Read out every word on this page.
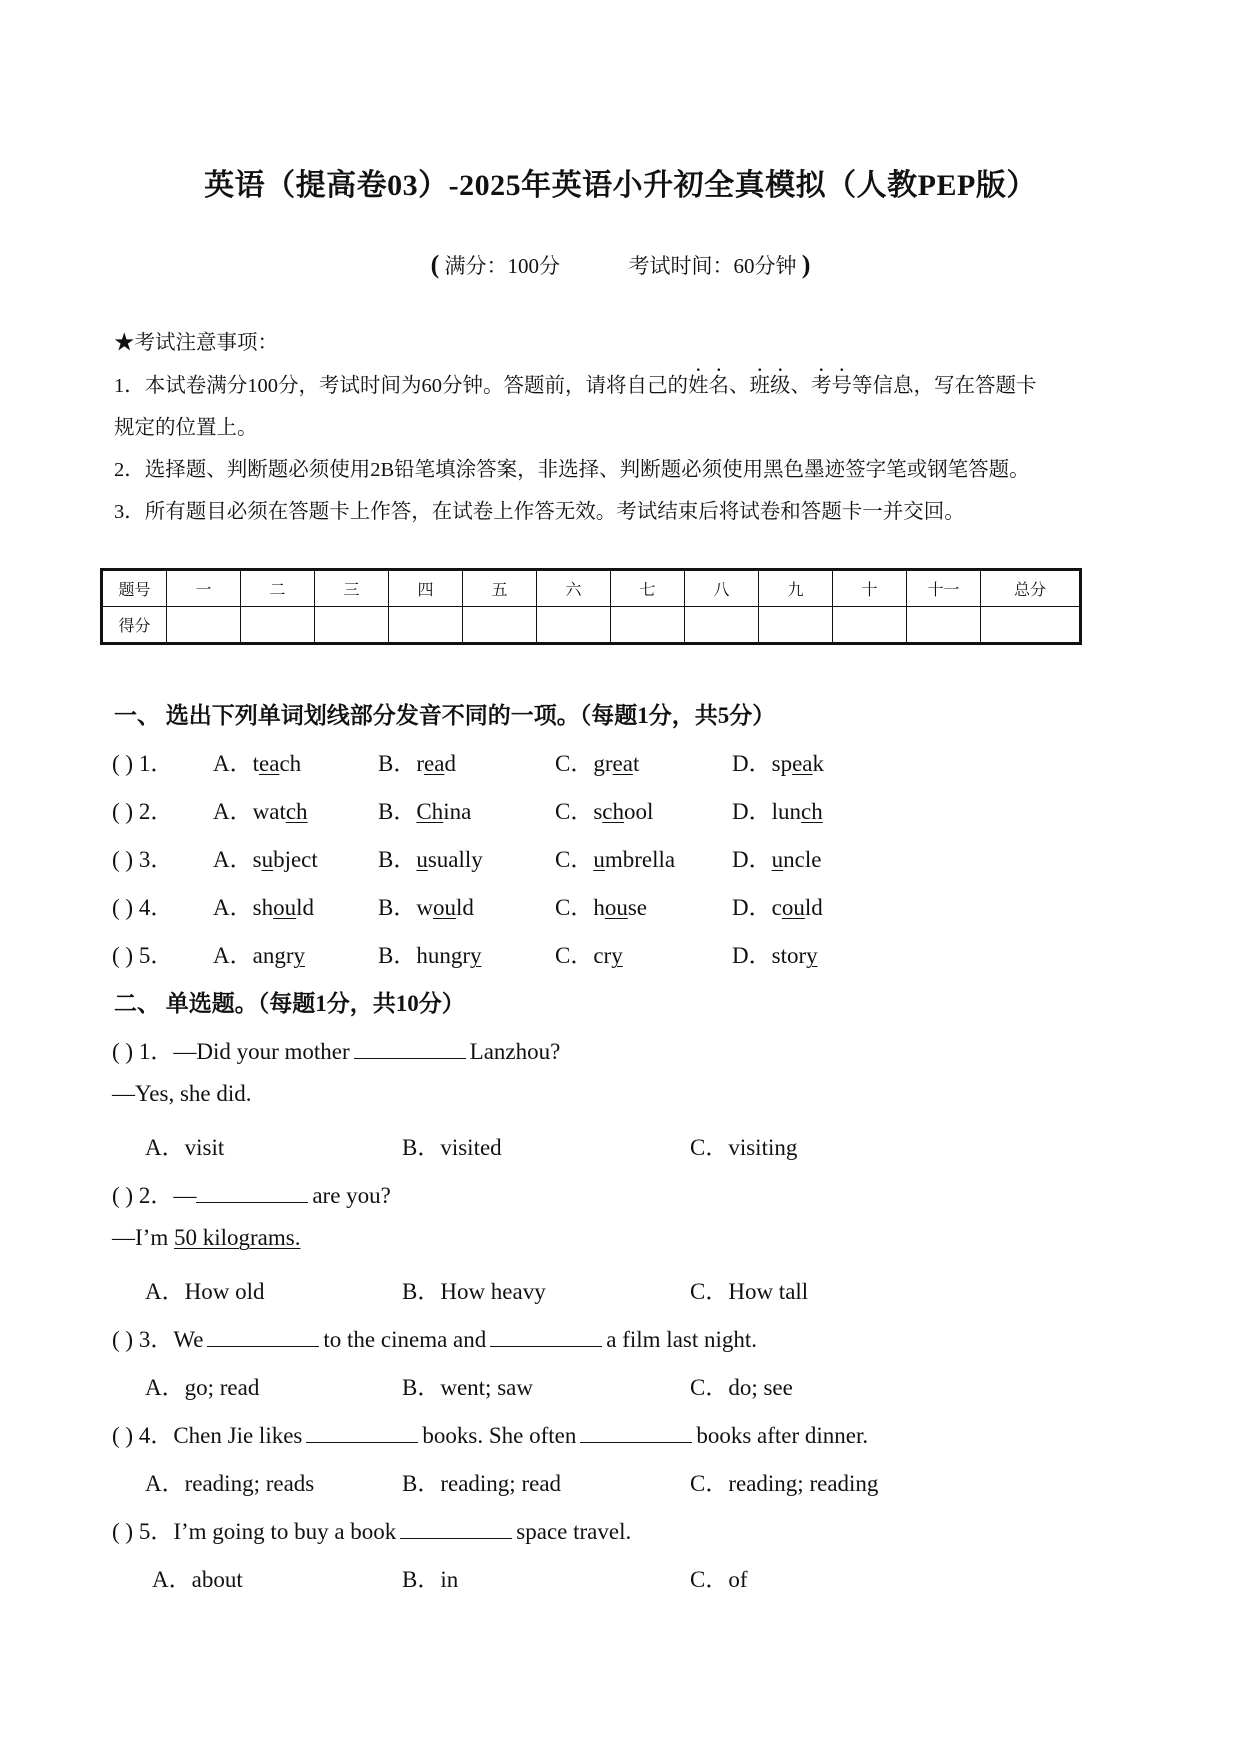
英语（提高卷03）-2025年英语小升初全真模拟（人教PEP版）
( 满分：100分	考试时间：60分钟 )
★考试注意事项：
1．本试卷满分100分，考试时间为60分钟。答题前，请将自己的姓名、班级、考号等信息，写在答题卡
规定的位置上。
2．选择题、判断题必须使用2B铅笔填涂答案，非选择、判断题必须使用黑色墨迹签字笔或钢笔答题。
3．所有题目必须在答题卡上作答，在试卷上作答无效。考试结束后将试卷和答题卡一并交回。
题号	一	二	三	四	五	六	七	八	九	十	十一	总分
得分												
一、 选出下列单词划线部分发音不同的一项。（每题1分，共5分）
( ) 1． A．teach	B．read	C．great	D．speak
( ) 2． A．watch	B．China	C．school	D．lunch
( ) 3． A．subject	B．usually	C．umbrella D．uncle
( ) 4． A．should	B．would	C．house	D．could
( ) 5． A．angry	B．hungry	C．cry	D．story
二、 单选题。（每题1分，共10分）
( ) 1．—Did your mother	Lanzhou?
—Yes, she did.
A．visit	B．visited	C．visiting
( ) 2．—	are you?
—I’m 50 kilograms.
A．How old	B．How heavy	C．How tall
( ) 3．We	to the cinema and	a film last night.
A．go; read	B．went; saw	C．do; see
( ) 4．Chen Jie likes	books. She often	books after dinner.
A．reading; reads	B．reading; read	C．reading; reading
( ) 5．I’m going to buy a book	space travel.
A．about	B．in	C．of
